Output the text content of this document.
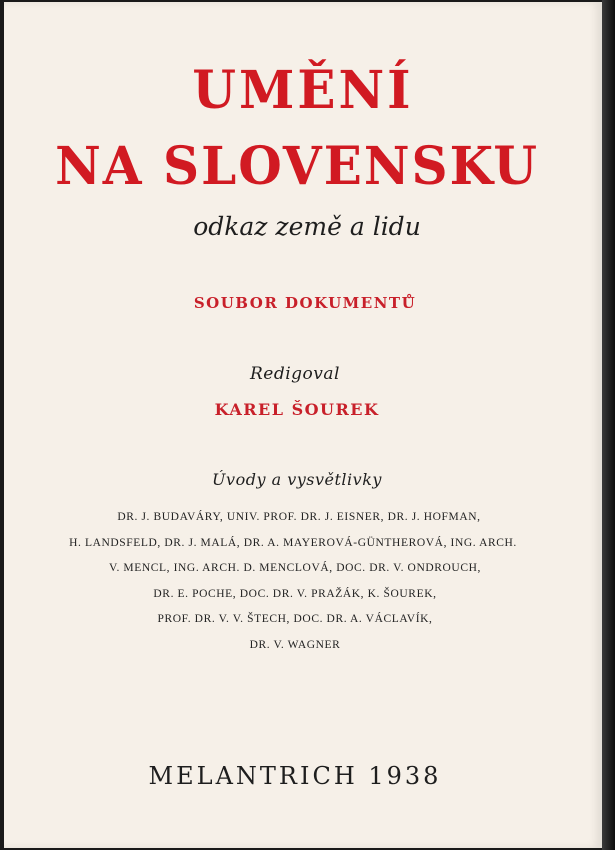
UMĚNÍ
NA SLOVENSKU
odkaz země a lidu
SOUBOR DOKUMENTŮ
Redigoval
KAREL ŠOUREK
Úvody a vysvětlivky
DR. J. BUDAVÁRY, UNIV. PROF. DR. J. EISNER, DR. J. HOFMAN,
H. LANDSFELD, DR. J. MALÁ, DR. A. MAYEROVÁ-GÜNTHEROVÁ, ING. ARCH.
V. MENCL, ING. ARCH. D. MENCLOVÁ, DOC. DR. V. ONDROUCH,
DR. E. POCHE, DOC. DR. V. PRAŽÁK, K. ŠOUREK,
PROF. DR. V. V. ŠTECH, DOC. DR. A. VÁCLAVÍK,
DR. V. WAGNER
MELANTRICH 1938
